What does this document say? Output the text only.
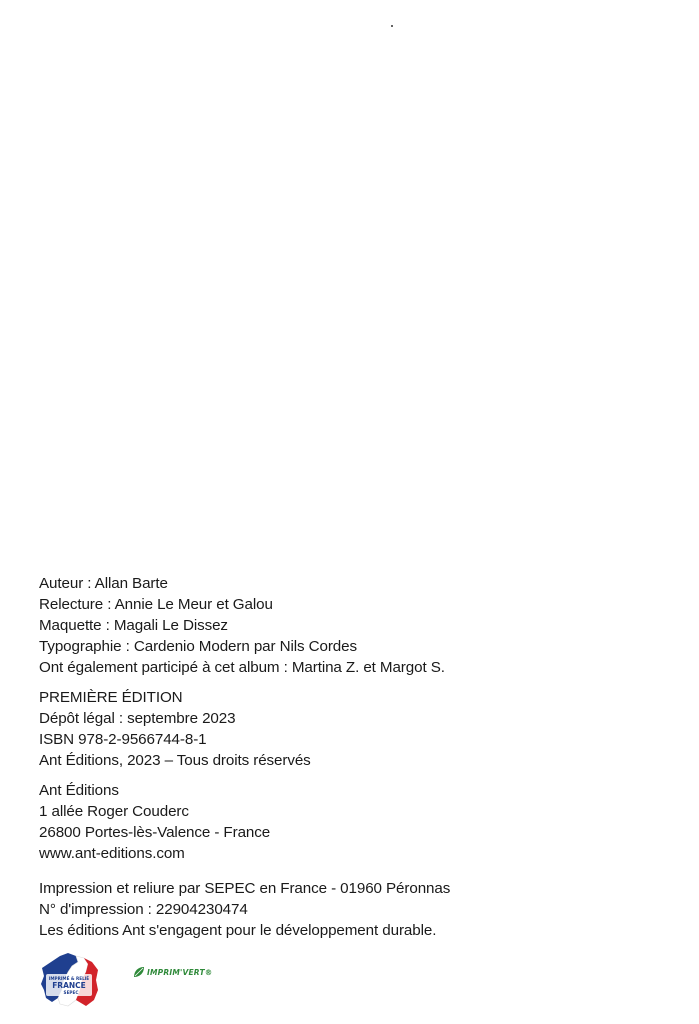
Auteur : Allan Barte

Relecture : Annie Le Meur et Galou

Maquette : Magali Le Dissez

Typographie : Cardenio Modern par Nils Cordes

Ont également participé à cet album : Martina Z. et Margot S.

PREMIÈRE ÉDITION

Dépôt légal : septembre 2023

ISBN 978-2-9566744-8-1

Ant Éditions, 2023 – Tous droits réservés

Ant Éditions

1 allée Roger Couderc

26800 Portes-lès-Valence - France

www.ant-editions.com

Impression et reliure par SEPEC en France - 01960 Péronnas

N° d'impression : 22904230474

Les éditions Ant s'engagent pour le développement durable.

IMPRIMÉ & RELIÉ
FRANCE
SEPEC
IMPRIM'VERT®
